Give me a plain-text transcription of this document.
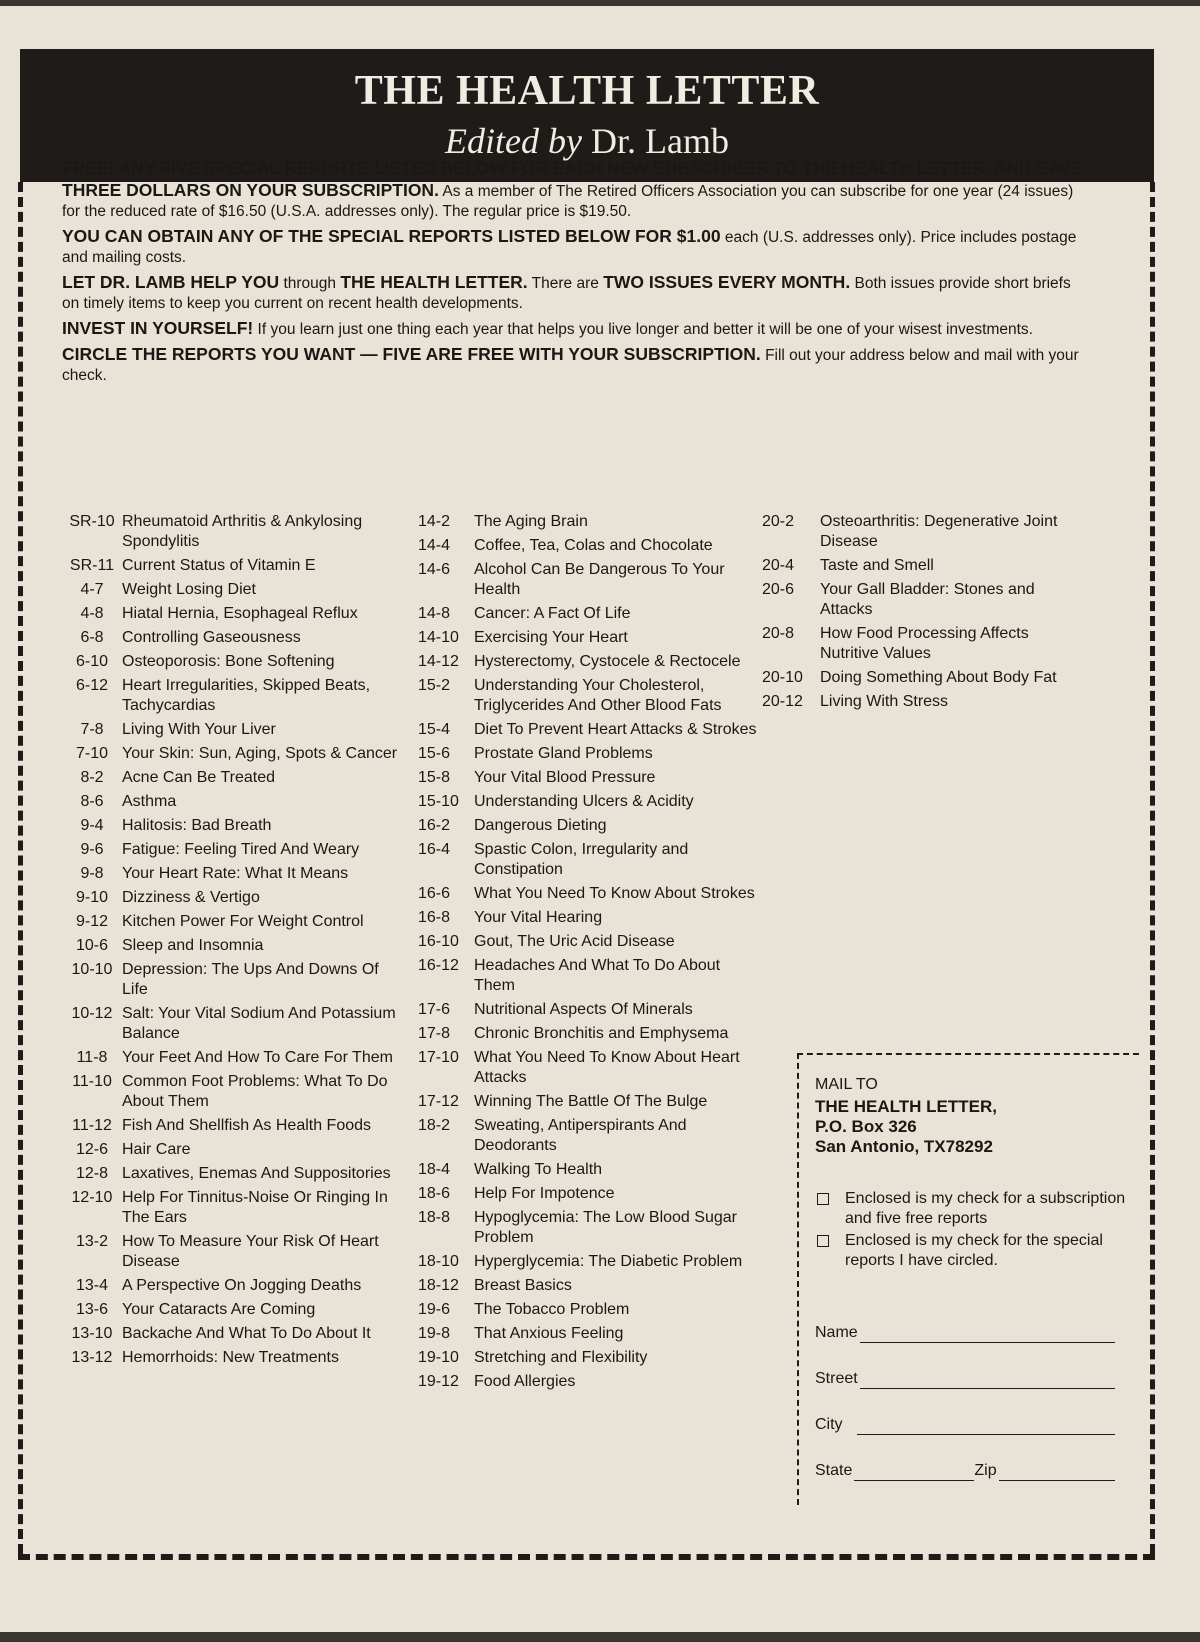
THE HEALTH LETTER
Edited by Dr. Lamb

FREE! ANY FIVE SPECIAL REPORTS LISTED BELOW FOR EACH NEW SUBSCRIBER TO THE HEALTH LETTER. AND SAVE THREE DOLLARS ON YOUR SUBSCRIPTION. As a member of The Retired Officers Association you can subscribe for one year (24 issues) for the reduced rate of $16.50 (U.S.A. addresses only). The regular price is $19.50.

YOU CAN OBTAIN ANY OF THE SPECIAL REPORTS LISTED BELOW FOR $1.00 each (U.S. addresses only). Price includes postage and mailing costs.

LET DR. LAMB HELP YOU through THE HEALTH LETTER. There are TWO ISSUES EVERY MONTH. Both issues provide short briefs on timely items to keep you current on recent health developments.

INVEST IN YOURSELF! If you learn just one thing each year that helps you live longer and better it will be one of your wisest investments.

CIRCLE THE REPORTS YOU WANT — FIVE ARE FREE WITH YOUR SUBSCRIPTION. Fill out your address below and mail with your check.

SR-10 Rheumatoid Arthritis & Ankylosing Spondylitis
SR-11 Current Status of Vitamin E
4-7	Weight Losing Diet
4-8	Hiatal Hernia, Esophageal Reflux
6-8	Controlling Gaseousness
6-10 Osteoporosis: Bone Softening
6-12 Heart Irregularities, Skipped Beats, Tachycardias
7-8	Living With Your Liver
7-10 Your Skin: Sun, Aging, Spots & Cancer
8-2	Acne Can Be Treated
8-6	Asthma
9-4	Halitosis: Bad Breath
9-6	Fatigue: Feeling Tired And Weary
9-8	Your Heart Rate: What It Means
9-10 Dizziness & Vertigo
9-12 Kitchen Power For Weight Control
10-6 Sleep and Insomnia
10-10 Depression: The Ups And Downs Of Life
10-12 Salt: Your Vital Sodium And Potassium Balance
11-8 Your Feet And How To Care For Them
11-10 Common Foot Problems: What To Do About Them
11-12 Fish And Shellfish As Health Foods
12-6 Hair Care
12-8 Laxatives, Enemas And Suppositories
12-10 Help For Tinnitus-Noise Or Ringing In The Ears
13-2 How To Measure Your Risk Of Heart Disease
13-4 A Perspective On Jogging Deaths
13-6 Your Cataracts Are Coming
13-10 Backache And What To Do About It
13-12 Hemorrhoids: New Treatments
14-2	The Aging Brain
14-4	Coffee, Tea, Colas and Chocolate
14-6	Alcohol Can Be Dangerous To Your Health
14-8	Cancer: A Fact Of Life
14-10 Exercising Your Heart
14-12 Hysterectomy, Cystocele & Rectocele
15-2	Understanding Your Cholesterol, Triglycerides And Other Blood Fats
15-4	Diet To Prevent Heart Attacks & Strokes
15-6	Prostate Gland Problems
15-8	Your Vital Blood Pressure
15-10 Understanding Ulcers & Acidity
16-2	Dangerous Dieting
16-4	Spastic Colon, Irregularity and Constipation
16-6	What You Need To Know About Strokes
16-8	Your Vital Hearing
16-10 Gout, The Uric Acid Disease
16-12 Headaches And What To Do About Them
17-6	Nutritional Aspects Of Minerals
17-8	Chronic Bronchitis and Emphysema
17-10 What You Need To Know About Heart Attacks
17-12 Winning The Battle Of The Bulge
18-2	Sweating, Antiperspirants And Deodorants
18-4	Walking To Health
18-6	Help For Impotence
18-8	Hypoglycemia: The Low Blood Sugar Problem
18-10 Hyperglycemia: The Diabetic Problem
18-12 Breast Basics
19-6	The Tobacco Problem
19-8	That Anxious Feeling
19-10 Stretching and Flexibility
19-12 Food Allergies
20-2	Osteoarthritis: Degenerative Joint Disease
20-4	Taste and Smell
20-6	Your Gall Bladder: Stones and Attacks
20-8	How Food Processing Affects Nutritive Values
20-10	Doing Something About Body Fat
20-12	Living With Stress
MAIL TO
THE HEALTH LETTER,
P.O. Box 326
San Antonio, TX78292
Enclosed is my check for a subscription and five free reports
Enclosed is my check for the special reports I have circled.
Name
Street
City
State	Zip
